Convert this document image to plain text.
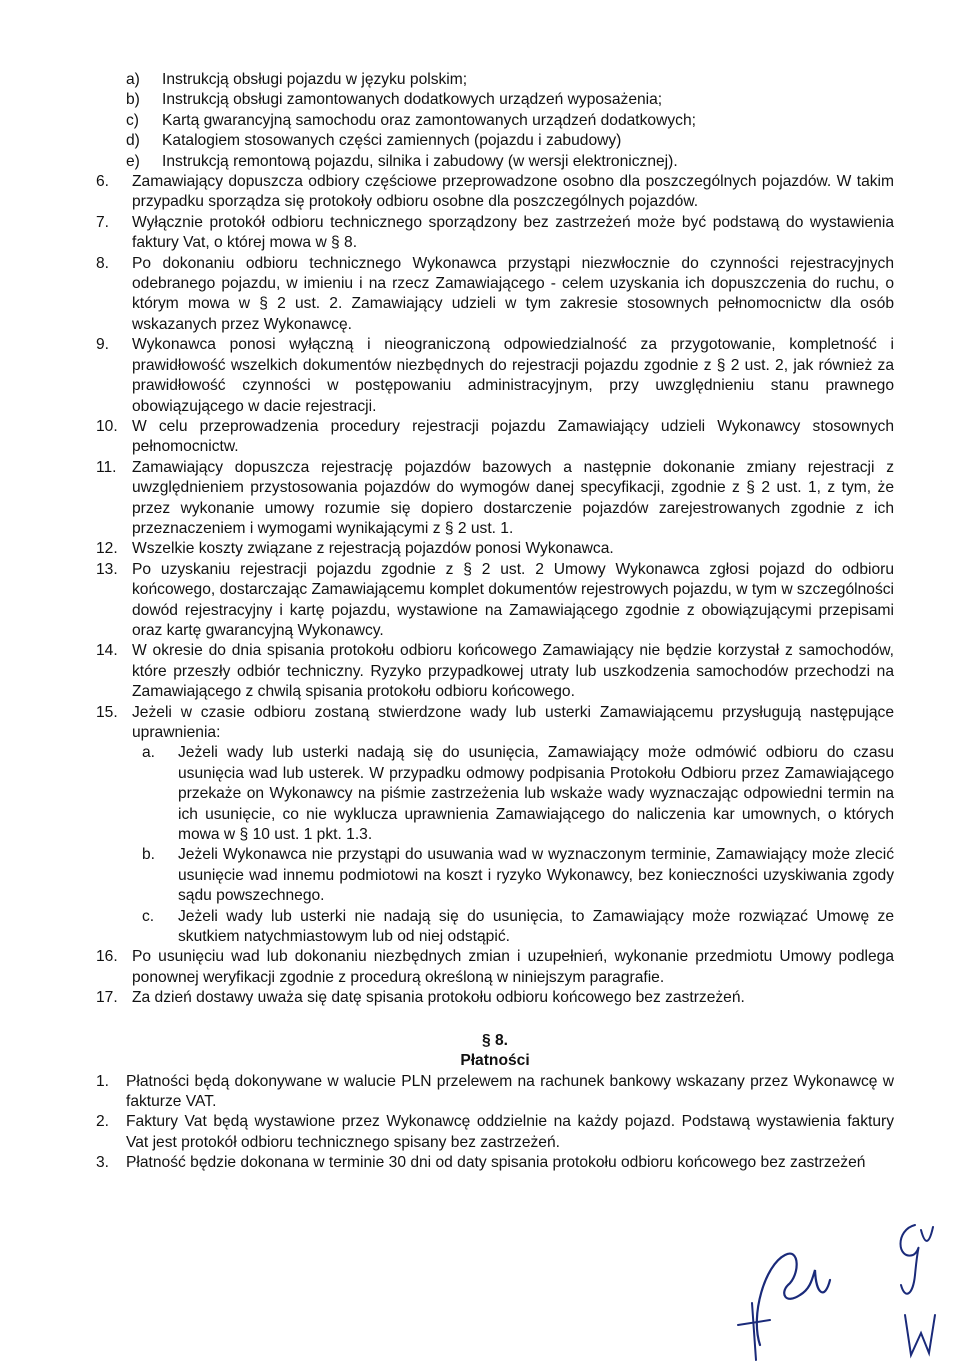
a)	Instrukcją obsługi pojazdu w języku polskim;
b)	Instrukcją obsługi zamontowanych dodatkowych urządzeń wyposażenia;
c)	Kartą gwarancyjną samochodu oraz zamontowanych urządzeń dodatkowych;
d)	Katalogiem stosowanych części zamiennych (pojazdu i zabudowy)
e)	Instrukcją remontową pojazdu, silnika i zabudowy (w wersji elektronicznej).
6.	Zamawiający dopuszcza odbiory częściowe przeprowadzone osobno dla poszczególnych pojazdów. W takim przypadku sporządza się protokoły odbioru osobne dla poszczególnych pojazdów.
7.	Wyłącznie protokół odbioru technicznego sporządzony bez zastrzeżeń może być podstawą do wystawienia faktury Vat, o której mowa w § 8.
8.	Po dokonaniu odbioru technicznego Wykonawca przystąpi niezwłocznie do czynności rejestracyjnych odebranego pojazdu, w imieniu i na rzecz Zamawiającego - celem uzyskania ich dopuszczenia do ruchu, o którym mowa w § 2 ust. 2. Zamawiający udzieli w tym zakresie stosownych pełnomocnictw dla osób wskazanych przez Wykonawcę.
9.	Wykonawca ponosi wyłączną i nieograniczoną odpowiedzialność za przygotowanie, kompletność i prawidłowość wszelkich dokumentów niezbędnych do rejestracji pojazdu zgodnie z § 2 ust. 2, jak również za prawidłowość czynności w postępowaniu administracyjnym, przy uwzględnieniu stanu prawnego obowiązującego w dacie rejestracji.
10. W celu przeprowadzenia procedury rejestracji pojazdu Zamawiający udzieli Wykonawcy stosownych pełnomocnictw.
11. Zamawiający dopuszcza rejestrację pojazdów bazowych a następnie dokonanie zmiany rejestracji z uwzględnieniem przystosowania pojazdów do wymogów danej specyfikacji, zgodnie z § 2 ust. 1, z tym, że przez wykonanie umowy rozumie się dopiero dostarczenie pojazdów zarejestrowanych zgodnie z ich przeznaczeniem i wymogami wynikającymi z § 2 ust. 1.
12. Wszelkie koszty związane z rejestracją pojazdów ponosi Wykonawca.
13. Po uzyskaniu rejestracji pojazdu zgodnie z § 2 ust. 2 Umowy Wykonawca zgłosi pojazd do odbioru końcowego, dostarczając Zamawiającemu komplet dokumentów rejestrowych pojazdu, w tym w szczególności dowód rejestracyjny i kartę pojazdu, wystawione na Zamawiającego zgodnie z obowiązującymi przepisami oraz kartę gwarancyjną Wykonawcy.
14. W okresie do dnia spisania protokołu odbioru końcowego Zamawiający nie będzie korzystał z samochodów, które przeszły odbiór techniczny. Ryzyko przypadkowej utraty lub uszkodzenia samochodów przechodzi na Zamawiającego z chwilą spisania protokołu odbioru końcowego.
15. Jeżeli w czasie odbioru zostaną stwierdzone wady lub usterki Zamawiającemu przysługują następujące uprawnienia:
a.	Jeżeli wady lub usterki nadają się do usunięcia, Zamawiający może odmówić odbioru do czasu usunięcia wad lub usterek. W przypadku odmowy podpisania Protokołu Odbioru przez Zamawiającego przekaże on Wykonawcy na piśmie zastrzeżenia lub wskaże wady wyznaczając odpowiedni termin na ich usunięcie, co nie wyklucza uprawnienia Zamawiającego do naliczenia kar umownych, o których mowa w § 10 ust. 1 pkt. 1.3.
b.	Jeżeli Wykonawca nie przystąpi do usuwania wad w wyznaczonym terminie, Zamawiający może zlecić usunięcie wad innemu podmiotowi na koszt i ryzyko Wykonawcy, bez konieczności uzyskiwania zgody sądu powszechnego.
c.	Jeżeli wady lub usterki nie nadają się do usunięcia, to Zamawiający może rozwiązać Umowę ze skutkiem natychmiastowym lub od niej odstąpić.
16. Po usunięciu wad lub dokonaniu niezbędnych zmian i uzupełnień, wykonanie przedmiotu Umowy podlega ponownej weryfikacji zgodnie z procedurą określoną w niniejszym paragrafie.
17. Za dzień dostawy uważa się datę spisania protokołu odbioru końcowego bez zastrzeżeń.
§ 8.
Płatności
1.	Płatności będą dokonywane w walucie PLN przelewem na rachunek bankowy wskazany przez Wykonawcę w fakturze VAT.
2.	Faktury Vat będą wystawione przez Wykonawcę oddzielnie na każdy pojazd. Podstawą wystawienia faktury Vat jest protokół odbioru technicznego spisany bez zastrzeżeń.
3.	Płatność będzie dokonana w terminie 30 dni od daty spisania protokołu odbioru końcowego bez zastrzeżeń
